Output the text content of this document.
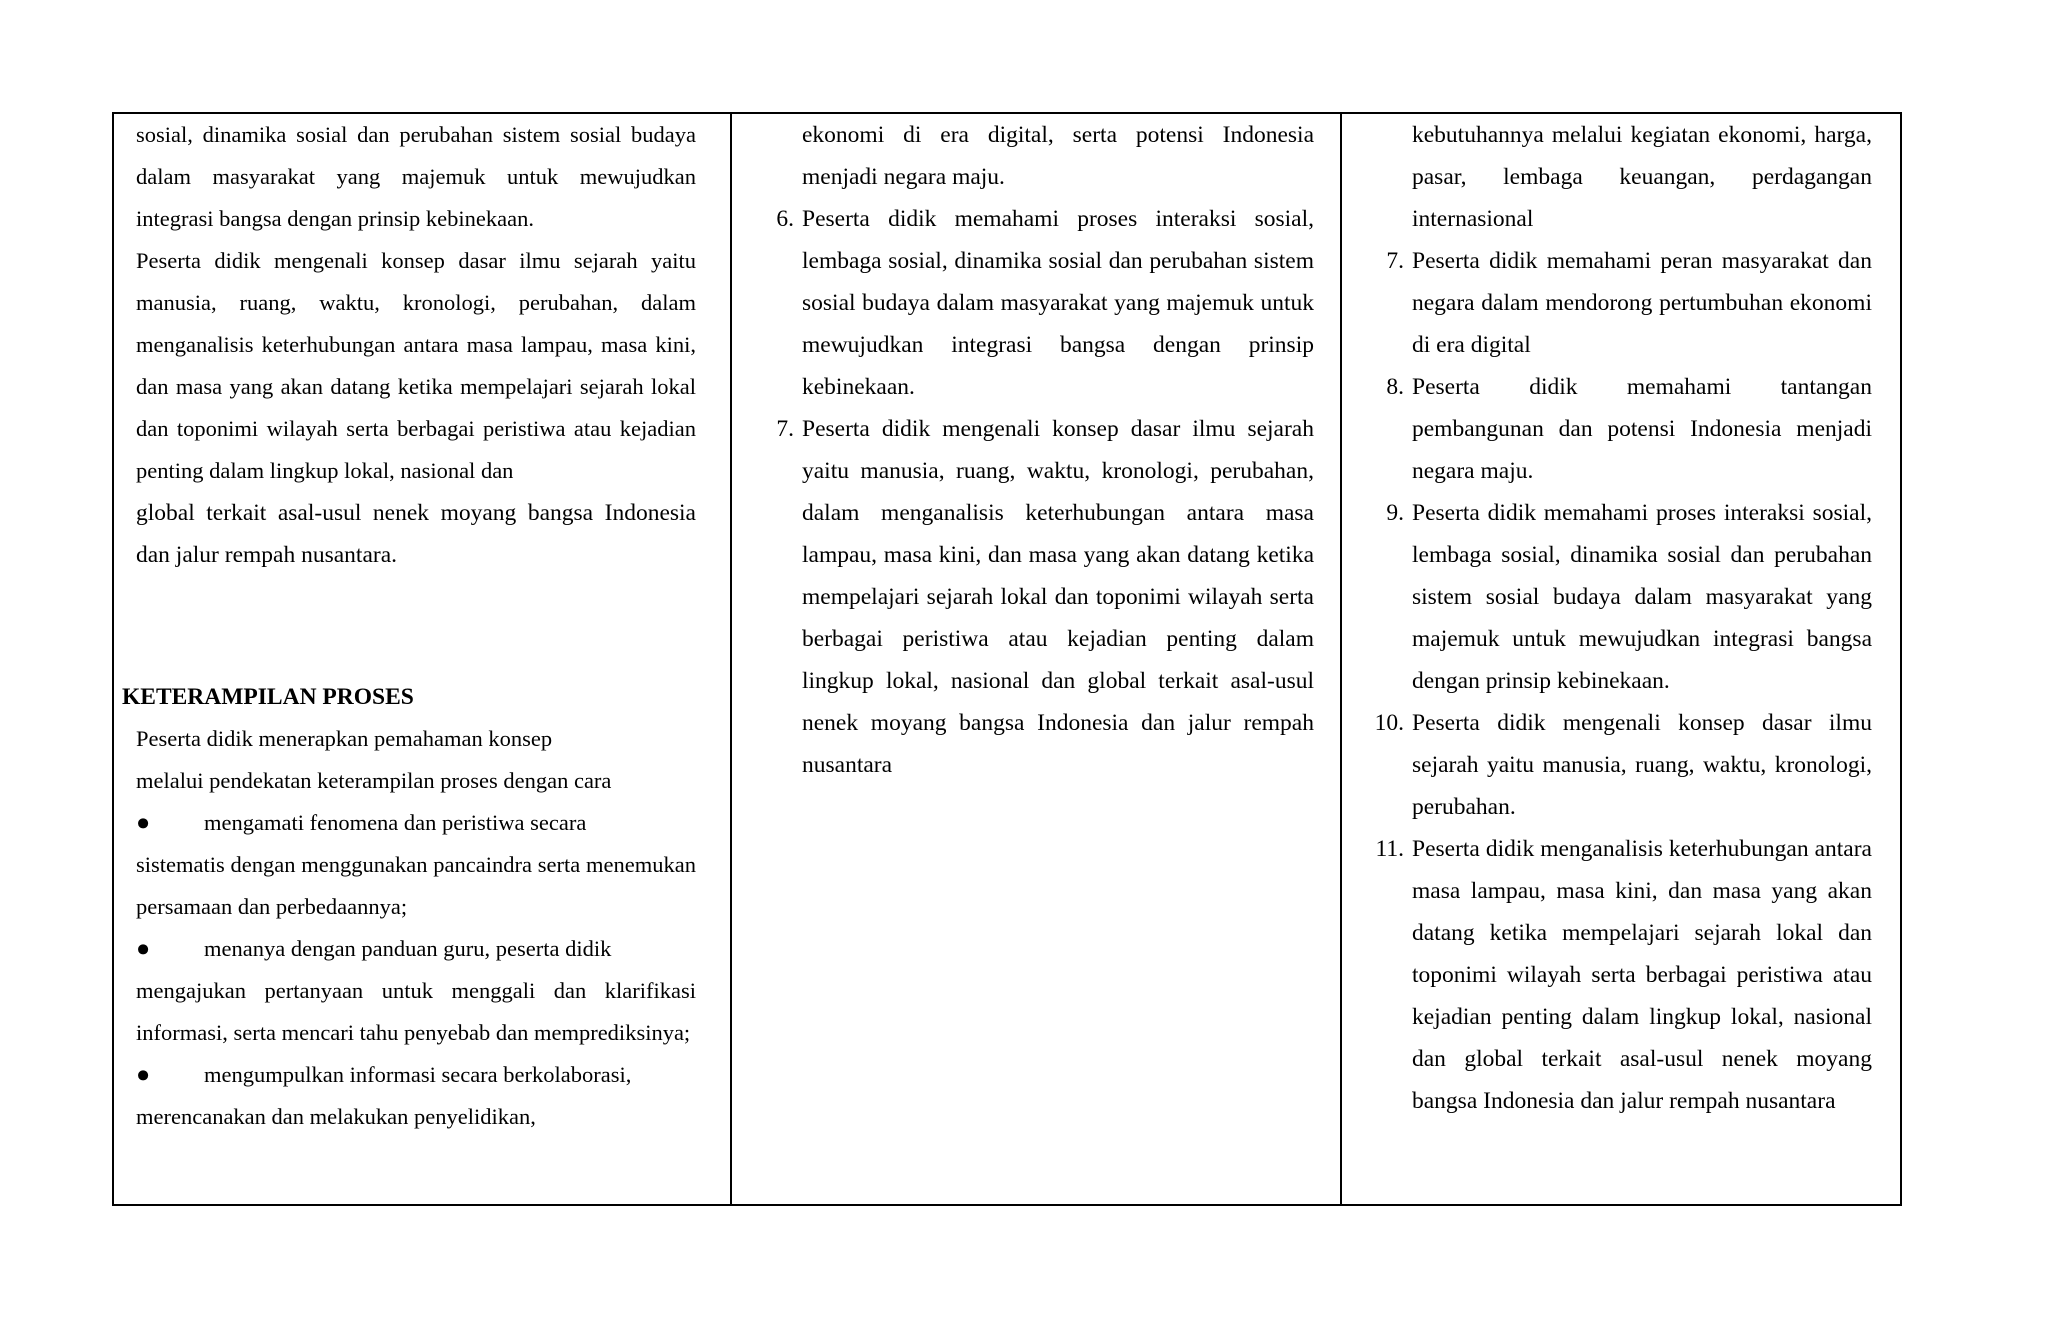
sosial, dinamika sosial dan perubahan sistem sosial budaya dalam masyarakat yang majemuk untuk mewujudkan integrasi bangsa dengan prinsip kebinekaan.

Peserta didik mengenali konsep dasar ilmu sejarah yaitu manusia, ruang, waktu, kronologi, perubahan, dalam menganalisis keterhubungan antara masa lampau, masa kini, dan masa yang akan datang ketika mempelajari sejarah lokal dan toponimi wilayah serta berbagai peristiwa atau kejadian penting dalam lingkup lokal, nasional dan

global terkait asal-usul nenek moyang bangsa Indonesia dan jalur rempah nusantara.

KETERAMPILAN PROSES

Peserta didik menerapkan pemahaman konsep

melalui pendekatan keterampilan proses dengan cara

●	mengamati fenomena dan peristiwa secara

sistematis dengan menggunakan pancaindra serta menemukan persamaan dan perbedaannya;

●	menanya dengan panduan guru, peserta didik

mengajukan pertanyaan untuk menggali dan klarifikasi informasi, serta mencari tahu penyebab dan memprediksinya;

●	mengumpulkan informasi secara berkolaborasi,

merencanakan dan melakukan penyelidikan,

ekonomi di era digital, serta potensi Indonesia menjadi negara maju.

6. Peserta didik memahami proses interaksi sosial, lembaga sosial, dinamika sosial dan perubahan sistem sosial budaya dalam masyarakat yang majemuk untuk mewujudkan integrasi bangsa dengan prinsip kebinekaan.
7. Peserta didik mengenali konsep dasar ilmu sejarah yaitu manusia, ruang, waktu, kronologi, perubahan, dalam menganalisis keterhubungan antara masa lampau, masa kini, dan masa yang akan datang ketika mempelajari sejarah lokal dan toponimi wilayah serta berbagai peristiwa atau kejadian penting dalam lingkup lokal, nasional dan global terkait asal-usul nenek moyang bangsa Indonesia dan jalur rempah nusantara

kebutuhannya melalui kegiatan ekonomi, harga, pasar, lembaga keuangan, perdagangan internasional

7. Peserta didik memahami peran masyarakat dan negara dalam mendorong pertumbuhan ekonomi di era digital
8. Peserta didik memahami tantangan pembangunan dan potensi Indonesia menjadi negara maju.
9. Peserta didik memahami proses interaksi sosial, lembaga sosial, dinamika sosial dan perubahan sistem sosial budaya dalam masyarakat yang majemuk untuk mewujudkan integrasi bangsa dengan prinsip kebinekaan.
10. Peserta didik mengenali konsep dasar ilmu sejarah yaitu manusia, ruang, waktu, kronologi, perubahan.
11. Peserta didik menganalisis keterhubungan antara masa lampau, masa kini, dan masa yang akan datang ketika mempelajari sejarah lokal dan toponimi wilayah serta berbagai peristiwa atau kejadian penting dalam lingkup lokal, nasional dan global terkait asal-usul nenek moyang bangsa Indonesia dan jalur rempah nusantara
